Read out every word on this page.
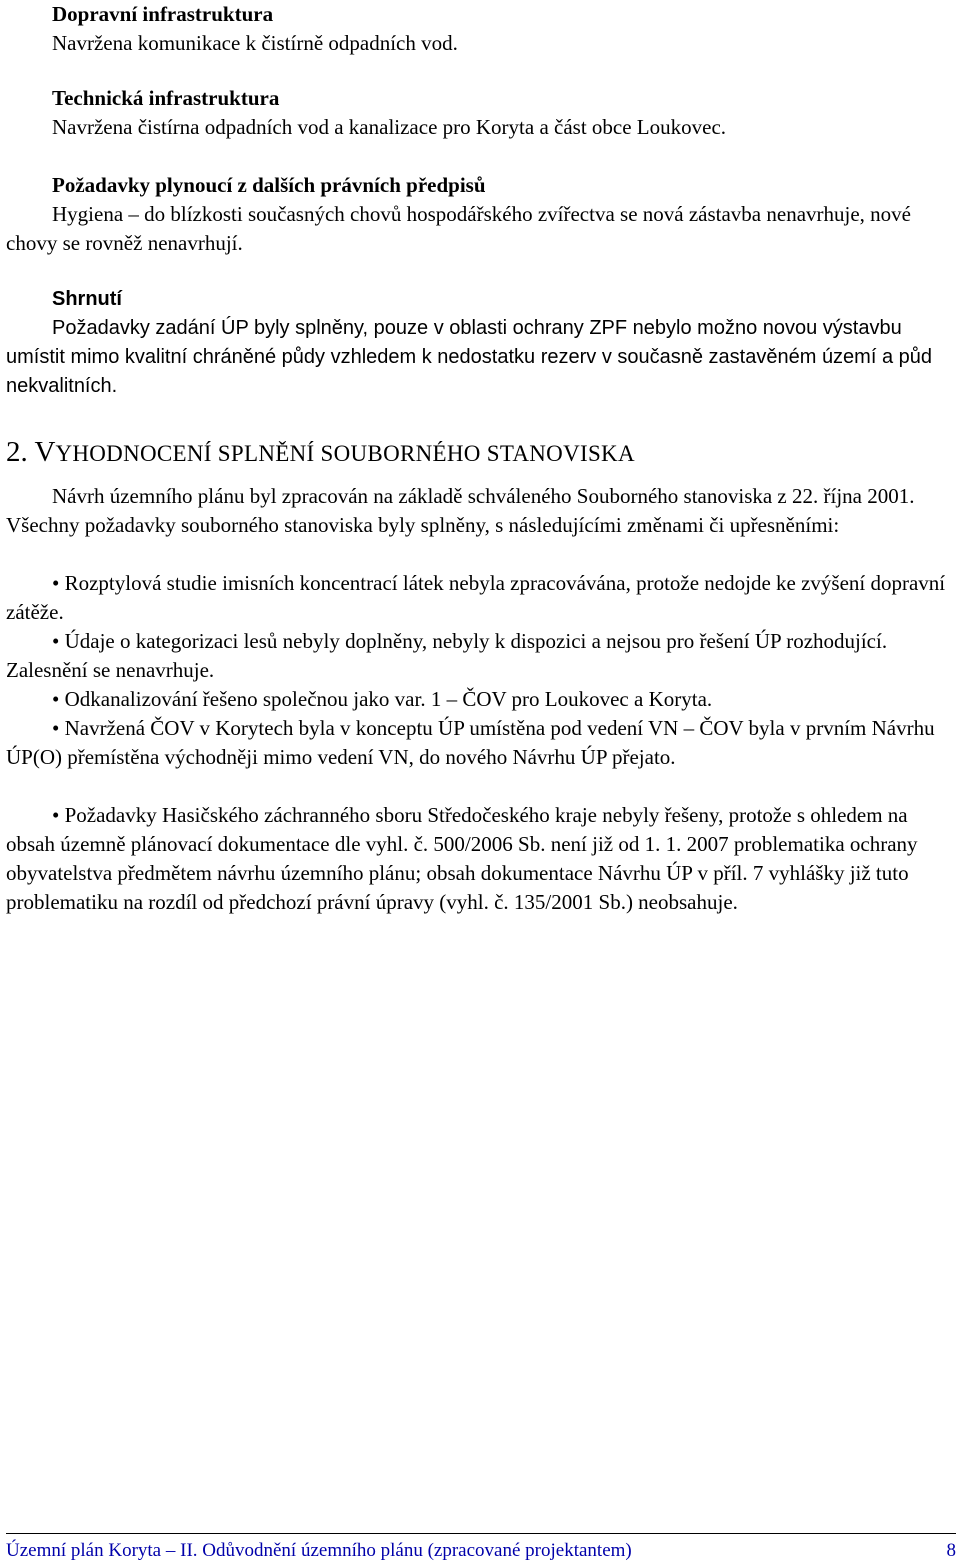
Dopravní infrastruktura
Navržena komunikace k čistírně odpadních vod.
Technická infrastruktura
Navržena čistírna odpadních vod a kanalizace pro Koryta a část obce Loukovec.
Požadavky plynoucí z dalších právních předpisů
Hygiena – do blízkosti současných chovů hospodářského zvířectva se nová zástavba nenavrhuje, nové chovy se rovněž nenavrhují.
Shrnutí
Požadavky zadání ÚP byly splněny, pouze v oblasti ochrany ZPF nebylo možno novou výstavbu umístit mimo kvalitní chráněné půdy vzhledem k nedostatku rezerv v současně zastavěném území a půd nekvalitních.
2. VYHODNOCENÍ SPLNĚNÍ SOUBORNÉHO STANOVISKA
Návrh územního plánu byl zpracován na základě schváleného Souborného stanoviska z 22. října 2001. Všechny požadavky souborného stanoviska byly splněny, s následujícími změnami či upřesněními:
• Rozptylová studie imisních koncentrací látek nebyla zpracovávána, protože nedojde ke zvýšení dopravní zátěže.
• Údaje o kategorizaci lesů nebyly doplněny, nebyly k dispozici a nejsou pro řešení ÚP rozhodující. Zalesnění se nenavrhuje.
• Odkanalizování řešeno společnou jako var. 1 – ČOV pro Loukovec a Koryta.
• Navržená ČOV v Korytech byla v konceptu ÚP umístěna pod vedení VN – ČOV byla v prvním Návrhu ÚP(O) přemístěna východněji mimo vedení VN, do nového Návrhu ÚP přejato.
• Požadavky Hasičského záchranného sboru Středočeského kraje nebyly řešeny, protože s ohledem na obsah územně plánovací dokumentace dle vyhl. č. 500/2006 Sb. není již od 1. 1. 2007 problematika ochrany obyvatelstva předmětem návrhu územního plánu; obsah dokumentace Návrhu ÚP v příl. 7 vyhlášky již tuto problematiku na rozdíl od předchozí právní úpravy (vyhl. č. 135/2001 Sb.) neobsahuje.
Územní plán Koryta – II. Odůvodnění územního plánu (zpracované projektantem)	8
